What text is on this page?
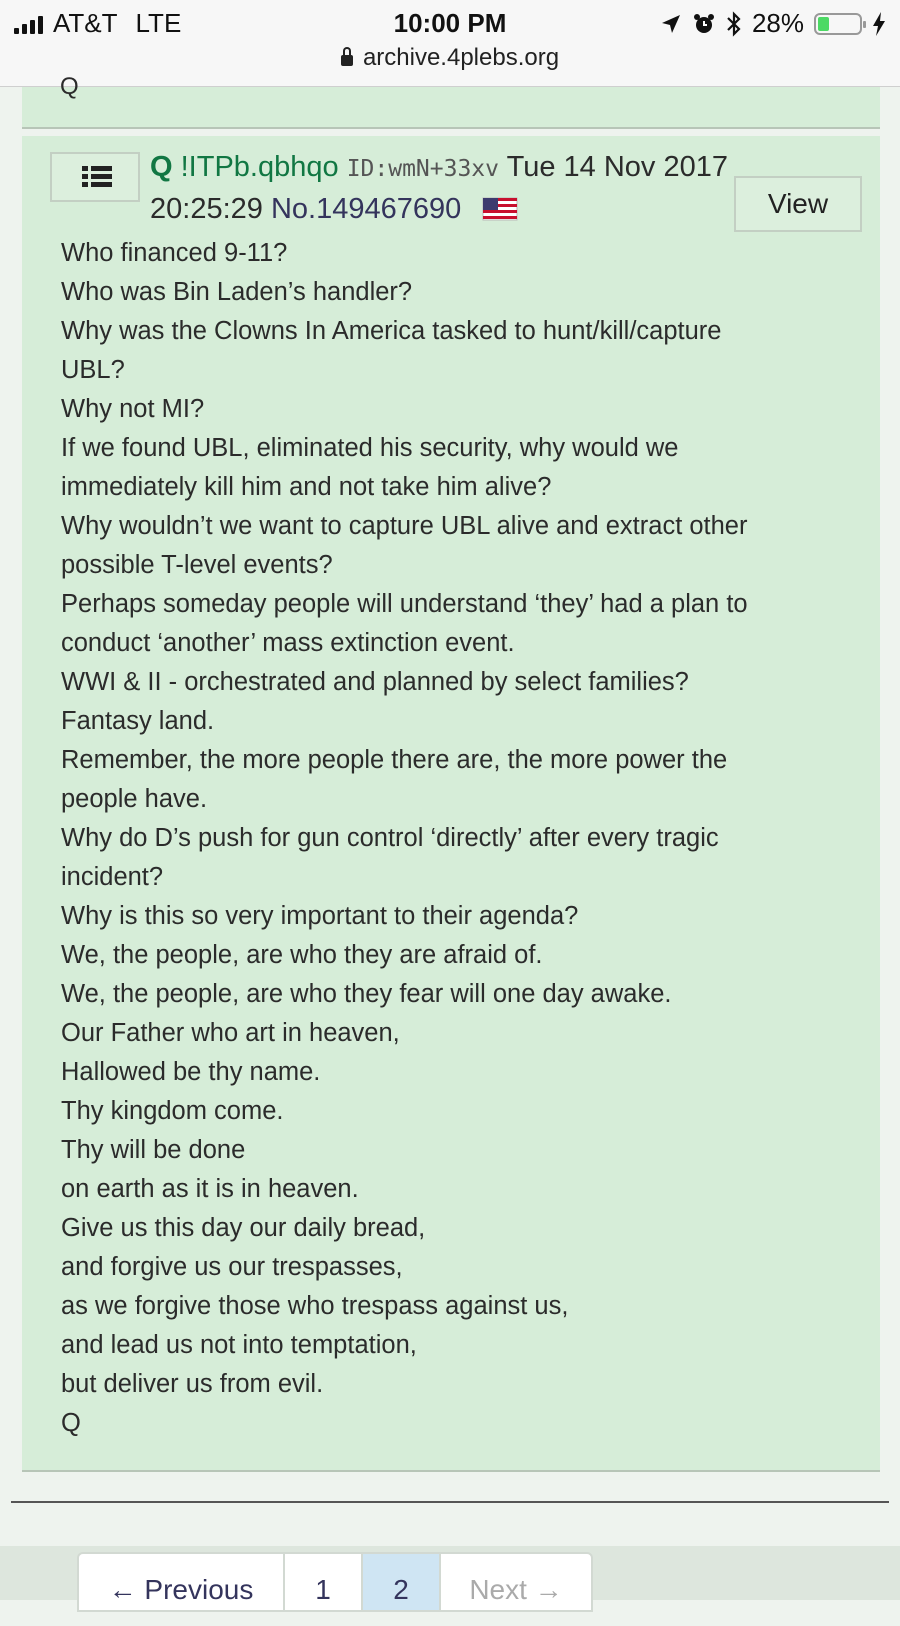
AT&T LTE	10:00 PM	28%
archive.4plebs.org
Q
Q !ITPb.qbhqo ID:wmN+33xv Tue 14 Nov 2017
20:25:29 No.149467690	View
Who financed 9-11?
Who was Bin Laden’s handler?
Why was the Clowns In America tasked to hunt/kill/capture
UBL?
Why not MI?
If we found UBL, eliminated his security, why would we
immediately kill him and not take him alive?
Why wouldn’t we want to capture UBL alive and extract other
possible T-level events?
Perhaps someday people will understand ‘they’ had a plan to
conduct ‘another’ mass extinction event.
WWI & II - orchestrated and planned by select families?
Fantasy land.
Remember, the more people there are, the more power the
people have.
Why do D’s push for gun control ‘directly’ after every tragic
incident?
Why is this so very important to their agenda?
We, the people, are who they are afraid of.
We, the people, are who they fear will one day awake.
Our Father who art in heaven,
Hallowed be thy name.
Thy kingdom come.
Thy will be done
on earth as it is in heaven.
Give us this day our daily bread,
and forgive us our trespasses,
as we forgive those who trespass against us,
and lead us not into temptation,
but deliver us from evil.
Q
← Previous	1	2	Next →
